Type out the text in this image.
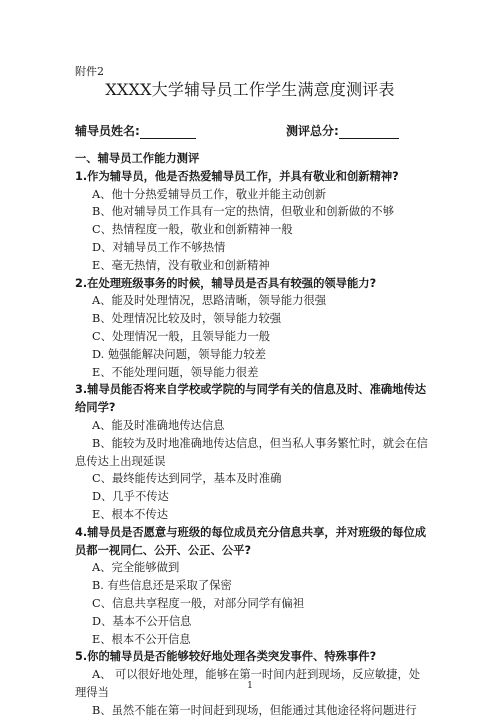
附件2
XXXX大学辅导员工作学生满意度测评表
辅导员姓名:	测评总分:

一、辅导员工作能力测评

1.作为辅导员，他是否热爱辅导员工作，并具有敬业和创新精神?

A、他十分热爱辅导员工作，敬业并能主动创新

B、他对辅导员工作具有一定的热情，但敬业和创新做的不够

C、热情程度一般，敬业和创新精神一般

D、对辅导员工作不够热情

E、毫无热情，没有敬业和创新精神

2.在处理班级事务的时候，辅导员是否具有较强的领导能力?

A、能及时处理情况，思路清晰，领导能力很强

B、处理情况比较及时，领导能力较强

C、处理情况一般，且领导能力一般

D. 勉强能解决问题，领导能力较差

E、不能处理问题，领导能力很差

3.辅导员能否将来自学校或学院的与同学有关的信息及时、准确地传达给同学?

A、能及时准确地传达信息

B、能较为及时地准确地传达信息，但当私人事务繁忙时，就会在信息传达上出现延误

C、最终能传达到同学，基本及时准确

D、几乎不传达

E、根本不传达

4.辅导员是否愿意与班级的每位成员充分信息共享，并对班级的每位成员都一视同仁、公开、公正、公平?

A、完全能够做到

B. 有些信息还是采取了保密

C、信息共享程度一般，对部分同学有偏袒

D、基本不公开信息

E、根本不公开信息

5.你的辅导员是否能够较好地处理各类突发事件、特殊事件?

A、 可以很好地处理，能够在第一时间内赶到现场，反应敏捷，处理得当

B、虽然不能在第一时间赶到现场，但能通过其他途径将问题进行

1
